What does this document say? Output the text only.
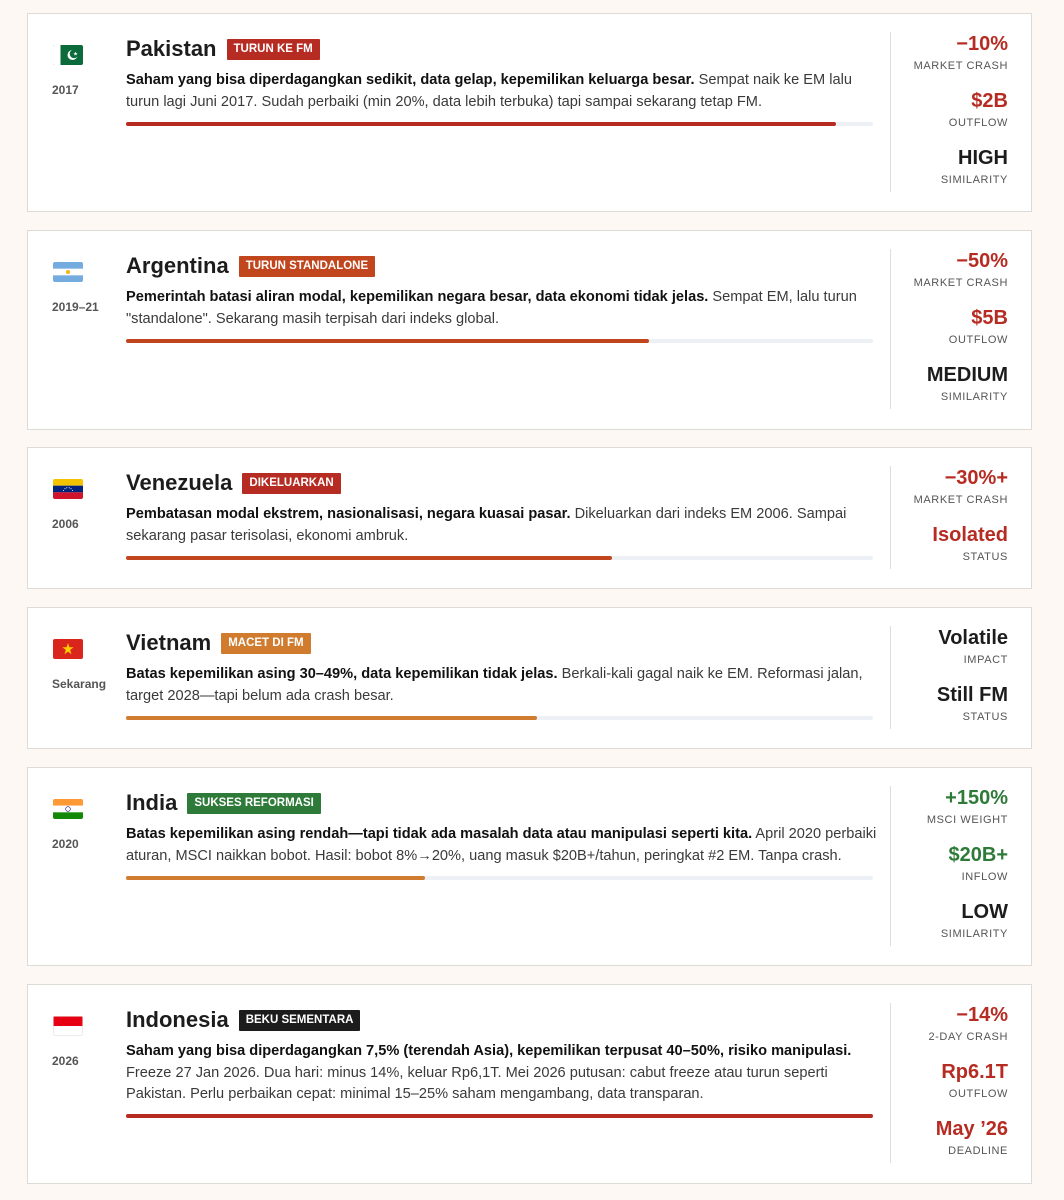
2017
Pakistan	TURUN KE FM
Saham yang bisa diperdagangkan sedikit, data gelap, kepemilikan keluarga besar. Sempat naik ke EM lalu turun lagi Juni 2017. Sudah perbaiki (min 20%, data lebih terbuka) tapi sampai sekarang tetap FM.
−10%
MARKET CRASH
$2B
OUTFLOW
HIGH
SIMILARITY
2019–21
Argentina	TURUN STANDALONE
Pemerintah batasi aliran modal, kepemilikan negara besar, data ekonomi tidak jelas. Sempat EM, lalu turun "standalone". Sekarang masih terpisah dari indeks global.
−50%
MARKET CRASH
$5B
OUTFLOW
MEDIUM
SIMILARITY
2006
Venezuela	DIKELUARKAN
Pembatasan modal ekstrem, nasionalisasi, negara kuasai pasar. Dikeluarkan dari indeks EM 2006. Sampai sekarang pasar terisolasi, ekonomi ambruk.
−30%+
MARKET CRASH
Isolated
STATUS
Sekarang
Vietnam	MACET DI FM
Batas kepemilikan asing 30–49%, data kepemilikan tidak jelas. Berkali-kali gagal naik ke EM. Reformasi jalan, target 2028—tapi belum ada crash besar.
Volatile
IMPACT
Still FM
STATUS
2020
India	SUKSES REFORMASI
Batas kepemilikan asing rendah—tapi tidak ada masalah data atau manipulasi seperti kita. April 2020 perbaiki aturan, MSCI naikkan bobot. Hasil: bobot 8%→20%, uang masuk $20B+/tahun, peringkat #2 EM. Tanpa crash.
+150%
MSCI WEIGHT
$20B+
INFLOW
LOW
SIMILARITY
2026
Indonesia	BEKU SEMENTARA
Saham yang bisa diperdagangkan 7,5% (terendah Asia), kepemilikan terpusat 40–50%, risiko manipulasi. Freeze 27 Jan 2026. Dua hari: minus 14%, keluar Rp6,1T. Mei 2026 putusan: cabut freeze atau turun seperti Pakistan. Perlu perbaikan cepat: minimal 15–25% saham mengambang, data transparan.
−14%
2-DAY CRASH
Rp6.1T
OUTFLOW
May ’26
DEADLINE
